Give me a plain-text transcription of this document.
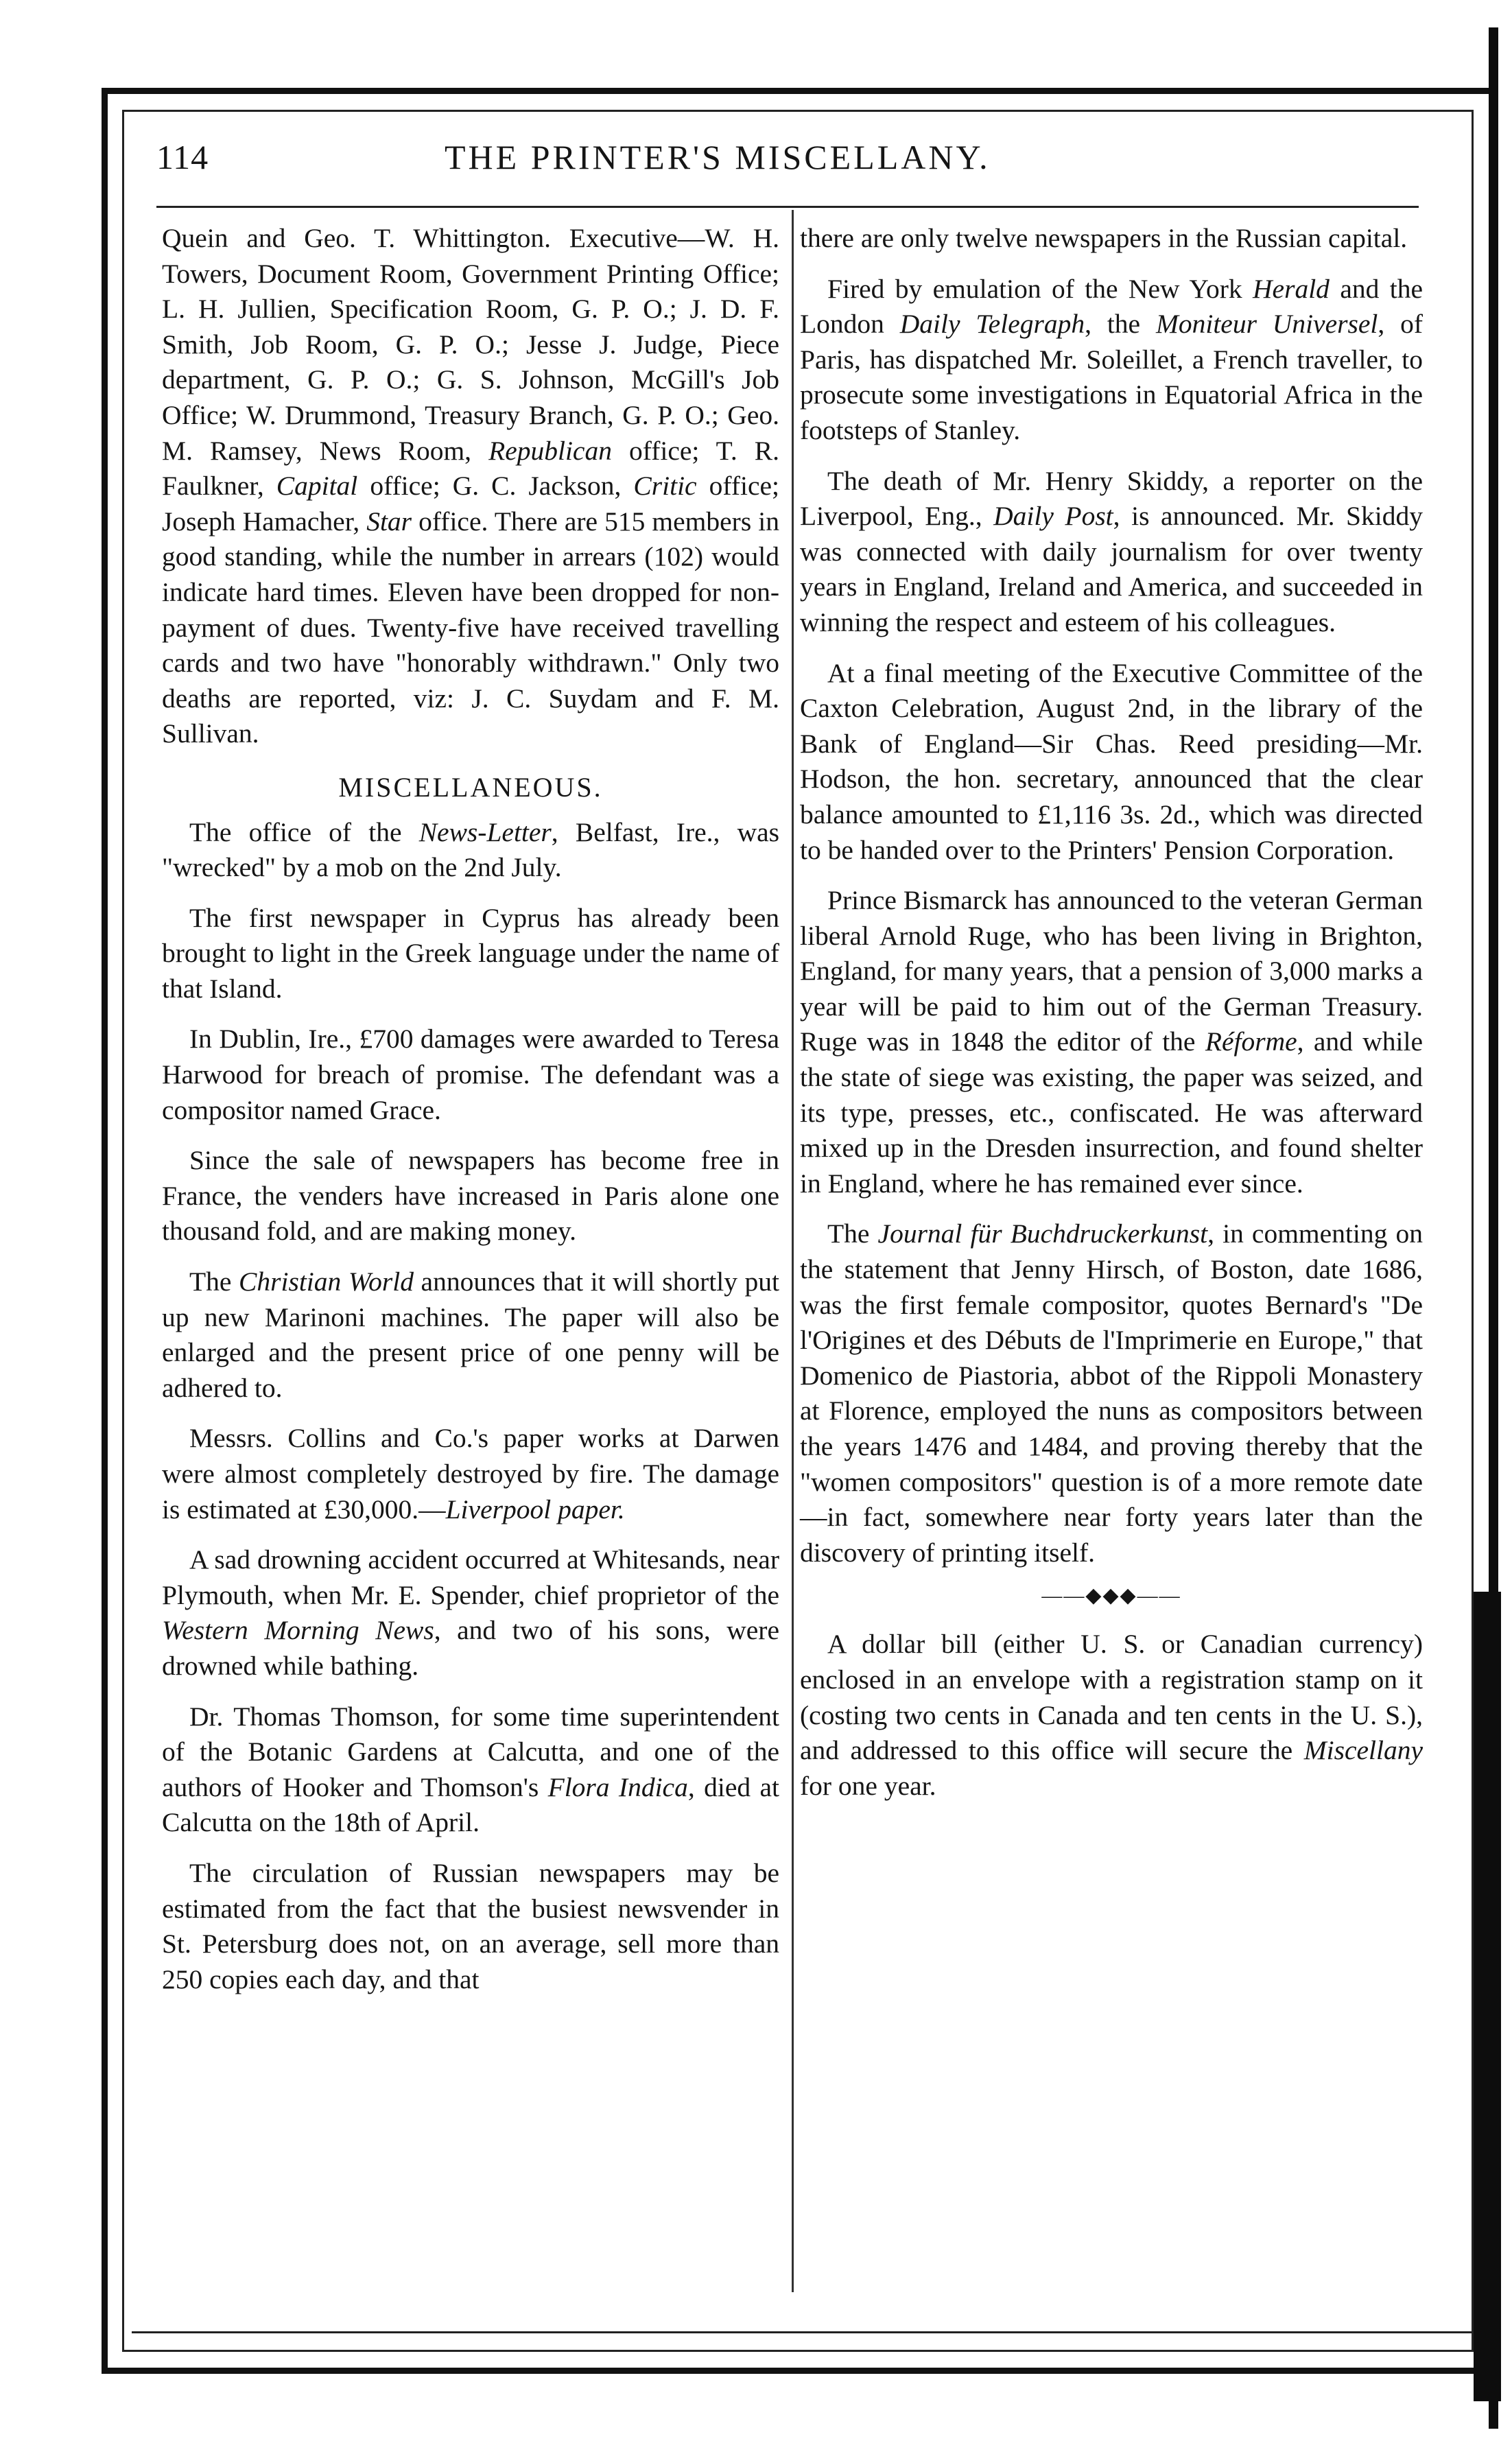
114	THE PRINTER'S MISCELLANY.

Quein and Geo. T. Whittington. Executive—W. H. Towers, Document Room, Government Printing Office; L. H. Jullien, Specification Room, G. P. O.; J. D. F. Smith, Job Room, G. P. O.; Jesse J. Judge, Piece department, G. P. O.; G. S. Johnson, McGill's Job Office; W. Drummond, Treasury Branch, G. P. O.; Geo. M. Ramsey, News Room, Republican office; T. R. Faulkner, Capital office; G. C. Jackson, Critic office; Joseph Hamacher, Star office. There are 515 members in good standing, while the number in arrears (102) would indicate hard times. Eleven have been dropped for non-payment of dues. Twenty-five have received travelling cards and two have "honorably withdrawn." Only two deaths are reported, viz: J. C. Suydam and F. M. Sullivan.

MISCELLANEOUS.

The office of the News-Letter, Belfast, Ire., was "wrecked" by a mob on the 2nd July.

The first newspaper in Cyprus has already been brought to light in the Greek language under the name of that Island.

In Dublin, Ire., £700 damages were awarded to Teresa Harwood for breach of promise. The defendant was a compositor named Grace.

Since the sale of newspapers has become free in France, the venders have increased in Paris alone one thousand fold, and are making money.

The Christian World announces that it will shortly put up new Marinoni machines. The paper will also be enlarged and the present price of one penny will be adhered to.

Messrs. Collins and Co.'s paper works at Darwen were almost completely destroyed by fire. The damage is estimated at £30,000.—Liverpool paper.

A sad drowning accident occurred at Whitesands, near Plymouth, when Mr. E. Spender, chief proprietor of the Western Morning News, and two of his sons, were drowned while bathing.

Dr. Thomas Thomson, for some time superintendent of the Botanic Gardens at Calcutta, and one of the authors of Hooker and Thomson's Flora Indica, died at Calcutta on the 18th of April.

The circulation of Russian newspapers may be estimated from the fact that the busiest newsvender in St. Petersburg does not, on an average, sell more than 250 copies each day, and that

there are only twelve newspapers in the Russian capital.

Fired by emulation of the New York Herald and the London Daily Telegraph, the Moniteur Universel, of Paris, has dispatched Mr. Soleillet, a French traveller, to prosecute some investigations in Equatorial Africa in the footsteps of Stanley.

The death of Mr. Henry Skiddy, a reporter on the Liverpool, Eng., Daily Post, is announced. Mr. Skiddy was connected with daily journalism for over twenty years in England, Ireland and America, and succeeded in winning the respect and esteem of his colleagues.

At a final meeting of the Executive Committee of the Caxton Celebration, August 2nd, in the library of the Bank of England—Sir Chas. Reed presiding—Mr. Hodson, the hon. secretary, announced that the clear balance amounted to £1,116 3s. 2d., which was directed to be handed over to the Printers' Pension Corporation.

Prince Bismarck has announced to the veteran German liberal Arnold Ruge, who has been living in Brighton, England, for many years, that a pension of 3,000 marks a year will be paid to him out of the German Treasury. Ruge was in 1848 the editor of the Réforme, and while the state of siege was existing, the paper was seized, and its type, presses, etc., confiscated. He was afterward mixed up in the Dresden insurrection, and found shelter in England, where he has remained ever since.

The Journal für Buchdruckerkunst, in commenting on the statement that Jenny Hirsch, of Boston, date 1686, was the first female compositor, quotes Bernard's "De l'Origines et des Débuts de l'Imprimerie en Europe," that Domenico de Piastoria, abbot of the Rippoli Monastery at Florence, employed the nuns as compositors between the years 1476 and 1484, and proving thereby that the "women compositors" question is of a more remote date—in fact, somewhere near forty years later than the discovery of printing itself.

——◆◆◆——

A dollar bill (either U. S. or Canadian currency) enclosed in an envelope with a registration stamp on it (costing two cents in Canada and ten cents in the U. S.), and addressed to this office will secure the Miscellany for one year.
